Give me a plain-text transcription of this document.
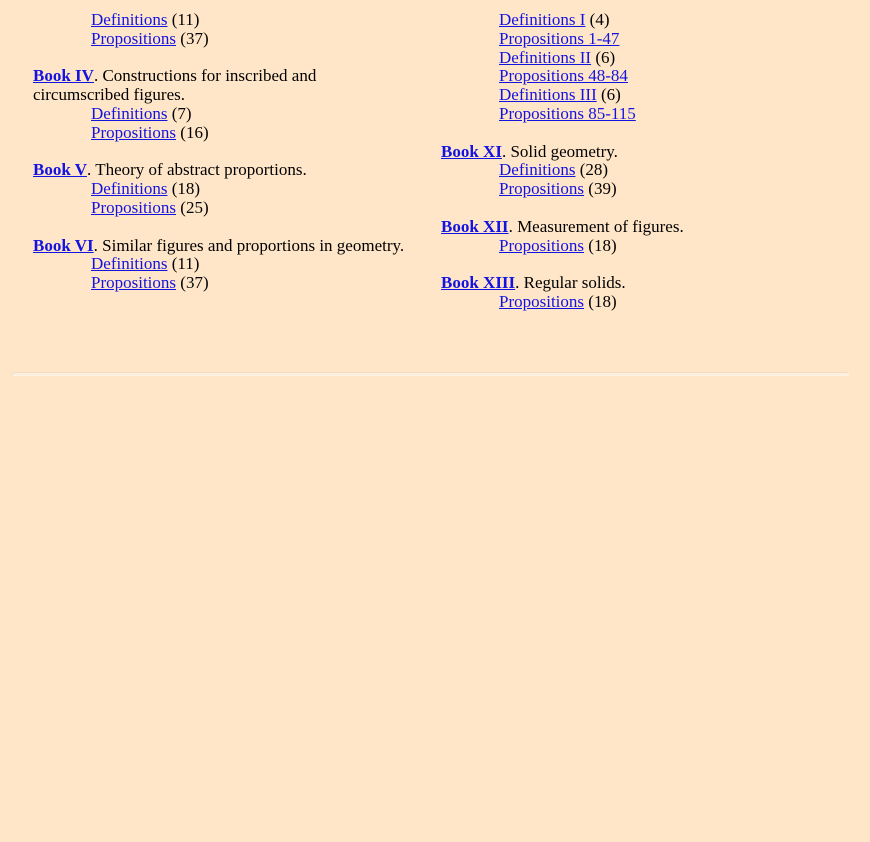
Definitions (11)
Propositions (37)
Book IV. Constructions for inscribed and circumscribed figures.
Definitions (7)
Propositions (16)
Book V. Theory of abstract proportions.
Definitions (18)
Propositions (25)
Book VI. Similar figures and proportions in geometry.
Definitions (11)
Propositions (37)
Definitions I (4)
Propositions 1-47
Definitions II (6)
Propositions 48-84
Definitions III (6)
Propositions 85-115
Book XI. Solid geometry.
Definitions (28)
Propositions (39)
Book XII. Measurement of figures.
Propositions (18)
Book XIII. Regular solids.
Propositions (18)
